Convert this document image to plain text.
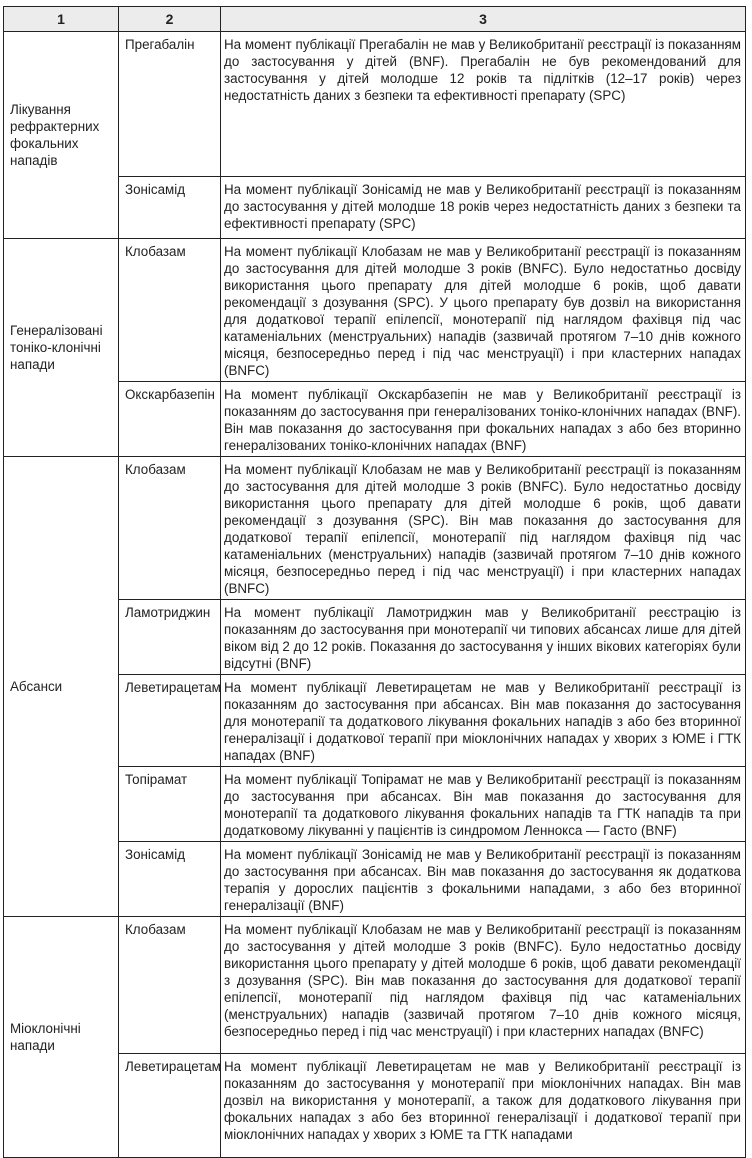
1	2	3
Лікування рефрактерних фокальних нападів	Прегабалін	На момент публікації Прегабалін не мав у Великобританії реєстрації із показанням до застосування у дітей (BNF). Прегабалін не був рекомендований для застосування у дітей молодше 12 років та підлітків (12–17 років) через недостатність даних з безпеки та ефективності препарату (SPC)
	Зонісамід	На момент публікації Зонісамід не мав у Великобританії реєстрації із показанням до застосування у дітей молодше 18 років через недостатність даних з безпеки та ефективності препарату (SPC)
Генералізовані тоніко-клонічні напади	Клобазам	На момент публікації Клобазам не мав у Великобританії реєстрації із показанням до застосування для дітей молодше 3 років (BNFC). Було недостатньо досвіду використання цього препарату для дітей молодше 6 років, щоб давати рекомендації з дозування (SPC). У цього препарату був дозвіл на використання для додаткової терапії епілепсії, монотерапії під наглядом фахівця під час катаменіальних (менструальних) нападів (зазвичай протягом 7–10 днів кожного місяця, безпосередньо перед і під час менструації) і при кластерних нападах (BNFC)
	Окскарбазепін	На момент публікації Окскарбазепін не мав у Великобританії реєстрації із показанням до застосування при генералізованих тоніко-клонічних нападах (BNF). Він мав показання до застосування при фокальних нападах з або без вторинно генералізованих тоніко-клонічних нападах (BNF)
Абсанси	Клобазам	На момент публікації Клобазам не мав у Великобританії реєстрації із показанням до застосування для дітей молодше 3 років (BNFC). Було недостатньо досвіду використання цього препарату для дітей молодше 6 років, щоб давати рекомендації з дозування (SPC). Він мав показання до застосування для додаткової терапії епілепсії, монотерапії під наглядом фахівця під час катаменіальних (менструальних) нападів (зазвичай протягом 7–10 днів кожного місяця, безпосередньо перед і під час менструації) і при кластерних нападах (BNFC)
	Ламотриджин	На момент публікації Ламотриджин мав у Великобританії реєстрацію із показанням до застосування при монотерапії чи типових абсансах лише для дітей віком від 2 до 12 років. Показання до застосування у інших вікових категоріях були відсутні (BNF)
	Леветирацетам	На момент публікації Леветирацетам не мав у Великобританії реєстрації із показанням до застосування при абсансах. Він мав показання до застосування для монотерапії та додаткового лікування фокальних нападів з або без вторинної генералізації і додаткової терапії при міоклонічних нападах у хворих з ЮМЕ і ГТК нападах (BNF)
	Топірамат	На момент публікації Топірамат не мав у Великобританії реєстрації із показанням до застосування при абсансах. Він мав показання до застосування для монотерапії та додаткового лікування фокальних нападів та ГТК нападів та при додатковому лікуванні у пацієнтів із синдромом Леннокса — Гасто (BNF)
	Зонісамід	На момент публікації Зонісамід не мав у Великобританії реєстрації із показанням до застосування при абсансах. Він мав показання до застосування як додаткова терапія у дорослих пацієнтів з фокальними нападами, з або без вторинної генералізації (BNF)
Міоклонічні напади	Клобазам	На момент публікації Клобазам не мав у Великобританії реєстрації із показанням до застосування у дітей молодше 3 років (BNFC). Було недостатньо досвіду використання цього препарату у дітей молодше 6 років, щоб давати рекомендації з дозування (SPC). Він мав показання до застосування для додаткової терапії епілепсії, монотерапії під наглядом фахівця під час катаменіальних (менструальних) нападів (зазвичай протягом 7–10 днів кожного місяця, безпосередньо перед і під час менструації) і при кластерних нападах (BNFC)
	Леветирацетам	На момент публікації Леветирацетам не мав у Великобританії реєстрації із показанням до застосування у монотерапії при міоклонічних нападах. Він мав дозвіл на використання у монотерапії, а також для додаткового лікування при фокальних нападах з або без вторинної генералізації і додаткової терапії при міоклонічних нападах у хворих з ЮМЕ та ГТК нападами
